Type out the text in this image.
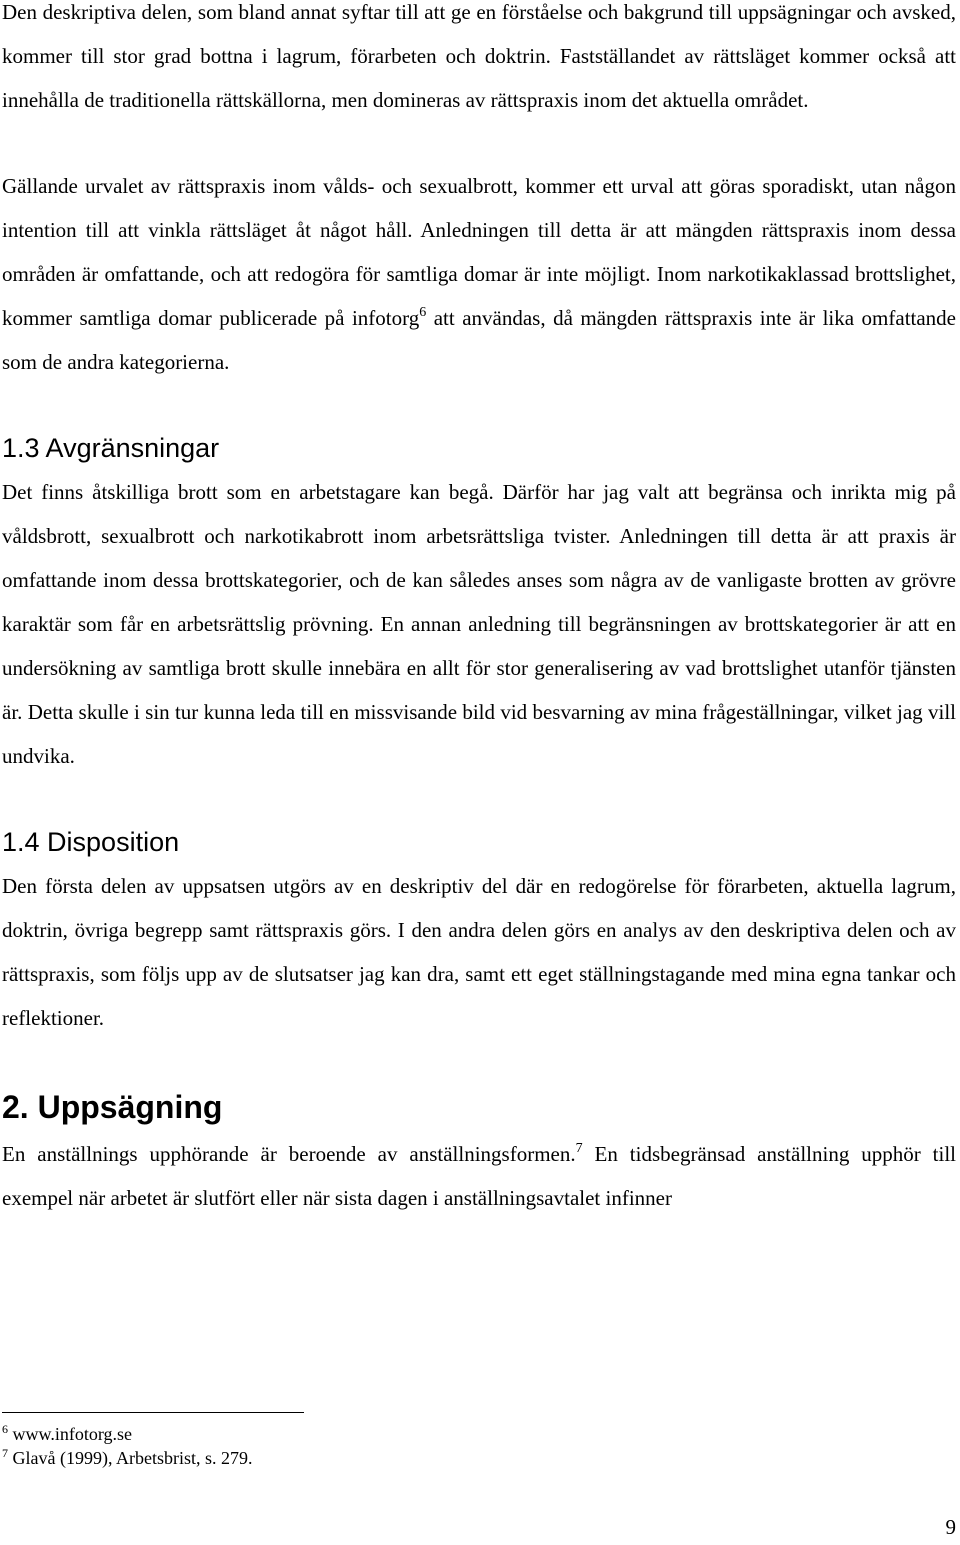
Den deskriptiva delen, som bland annat syftar till att ge en förståelse och bakgrund till uppsägningar och avsked, kommer till stor grad bottna i lagrum, förarbeten och doktrin. Fastställandet av rättsläget kommer också att innehålla de traditionella rättskällorna, men domineras av rättspraxis inom det aktuella området.

Gällande urvalet av rättspraxis inom vålds- och sexualbrott, kommer ett urval att göras sporadiskt, utan någon intention till att vinkla rättsläget åt något håll. Anledningen till detta är att mängden rättspraxis inom dessa områden är omfattande, och att redogöra för samtliga domar är inte möjligt. Inom narkotikaklassad brottslighet, kommer samtliga domar publicerade på infotorg$^6$ att användas, då mängden rättspraxis inte är lika omfattande som de andra kategorierna.

1.3 Avgränsningar

Det finns åtskilliga brott som en arbetstagare kan begå. Därför har jag valt att begränsa och inrikta mig på våldsbrott, sexualbrott och narkotikabrott inom arbetsrättsliga tvister. Anledningen till detta är att praxis är omfattande inom dessa brottskategorier, och de kan således anses som några av de vanligaste brotten av grövre karaktär som får en arbetsrättslig prövning. En annan anledning till begränsningen av brottskategorier är att en undersökning av samtliga brott skulle innebära en allt för stor generalisering av vad brottslighet utanför tjänsten är. Detta skulle i sin tur kunna leda till en missvisande bild vid besvarning av mina frågeställningar, vilket jag vill undvika.

1.4 Disposition

Den första delen av uppsatsen utgörs av en deskriptiv del där en redogörelse för förarbeten, aktuella lagrum, doktrin, övriga begrepp samt rättspraxis görs. I den andra delen görs en analys av den deskriptiva delen och av rättspraxis, som följs upp av de slutsatser jag kan dra, samt ett eget ställningstagande med mina egna tankar och reflektioner.

2. Uppsägning

En anställnings upphörande är beroende av anställningsformen.$^7$ En tidsbegränsad anställning upphör till exempel när arbetet är slutfört eller när sista dagen i anställningsavtalet infinner

$^6$ www.infotorg.se

$^7$ Glavå (1999), Arbetsbrist, s. 279.

9
